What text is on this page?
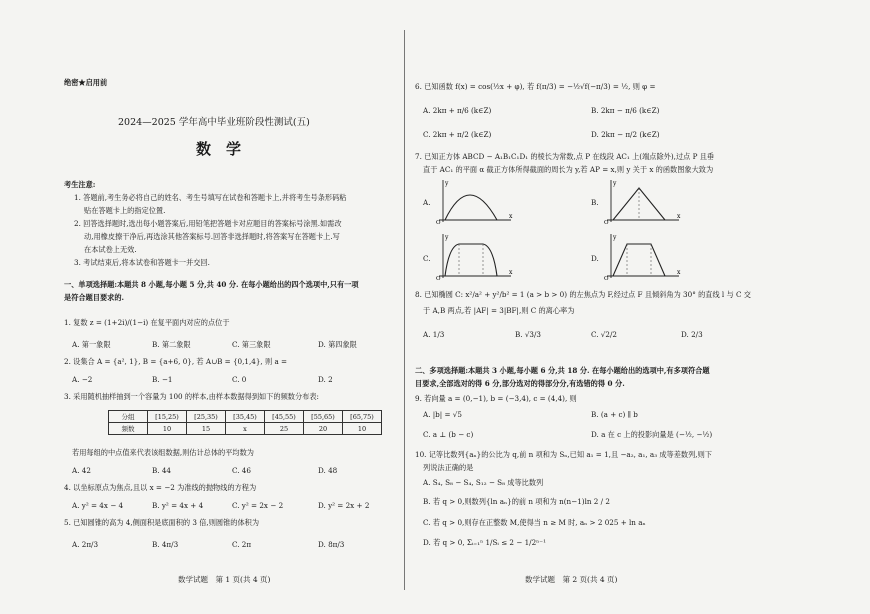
绝密★启用前
2024—2025 学年高中毕业班阶段性测试(五)
数　学
考生注意:
1. 答题前,考生务必将自己的姓名、考生号填写在试卷和答题卡上,并将考生号条形码粘
贴在答题卡上的指定位置.
2. 回答选择题时,选出每小题答案后,用铅笔把答题卡对应题目的答案标号涂黑.如需改
动,用橡皮擦干净后,再选涂其他答案标号.回答非选择题时,将答案写在答题卡上.写
在本试卷上无效.
3. 考试结束后,将本试卷和答题卡一并交回.
一、单项选择题:本题共 8 小题,每小题 5 分,共 40 分. 在每小题给出的四个选项中,只有一项
是符合题目要求的.
1. 复数 z = (1+2i)/(1−i) 在复平面内对应的点位于
A. 第一象限	B. 第二象限	C. 第三象限	D. 第四象限
2. 设集合 A = {a², 1}, B = {a+6, 0}, 若 A∪B = {0,1,4}, 则 a =
A. −2	B. −1	C. 0	D. 2
3. 采用随机抽样抽到一个容量为 100 的样本,由样本数据得到如下的频数分布表:
分组	[15,25)	[25,35)	[35,45)	[45,55)	[55,65)	[65,75)
频数	10	15	x	25	20	10
若用每组的中点值来代表该组数据,则估计总体的平均数为
A. 42	B. 44	C. 46	D. 48
4. 以坐标原点为焦点,且以 x = −2 为准线的抛物线的方程为
A. y² = 4x − 4	B. y² = 4x + 4	C. y² = 2x − 2	D. y² = 2x + 2
5. 已知圆锥的高为 4,侧面积是底面积的 3 倍,则圆锥的体积为
A. 2π/3	B. 4π/3	C. 2π	D. 8π/3
数学试题　第 1 页(共 4 页)
6. 已知函数 f(x) = cos(½x + φ), 若 f(π/3) = −½√f(−π/3) = ½, 则 φ =
A. 2kπ + π/6 (k∈Z)	B. 2kπ − π/6 (k∈Z)
C. 2kπ + π/2 (k∈Z)	D. 2kπ − π/2 (k∈Z)
7. 已知正方体 ABCD − A₁B₁C₁D₁ 的棱长为常数,点 P 在线段 AC₁ 上(端点除外),过点 P 且垂
直于 AC₁ 的平面 α 截正方体所得截面的周长为 y,若 AP = x,则 y 关于 x 的函数图象大致为
A.
x
y
O
B.
x
y
O
C.
x
y
O
D.
x
y
O
8. 已知椭圆 C: x²/a² + y²/b² = 1 (a > b > 0) 的左焦点为 F,经过点 F 且倾斜角为 30° 的直线 l 与 C 交
于 A,B 两点,若 |AF| = 3|BF|,则 C 的离心率为
A. 1/3	B. √3/3	C. √2/2	D. 2/3
二、多项选择题:本题共 3 小题,每小题 6 分,共 18 分. 在每小题给出的选项中,有多项符合题
目要求,全部选对的得 6 分,部分选对的得部分分,有选错的得 0 分.
9. 若向量 a = (0,−1), b = (−3,4), c = (4,4), 则
A. |b| = √5	B. (a + c) ∥ b
C. a ⊥ (b − c)	D. a 在 c 上的投影向量是 (−½, −½)
10. 记等比数列{aₙ}的公比为 q,前 n 项和为 Sₙ,已知 a₁ = 1,且 −a₂, a₁, a₃ 成等差数列,则下
列说法正确的是
A. S₄, S₈ − S₄, S₁₂ − S₈ 成等比数列
B. 若 q > 0,则数列{ln aₙ}的前 n 项和为 n(n−1)ln 2 / 2
C. 若 q > 0,则存在正整数 M,使得当 n ≥ M 时, aₙ > 2 025 + ln aₙ
D. 若 q > 0, Σᵢ₌₁ⁿ 1/Sᵢ ≤ 2 − 1/2ⁿ⁻¹
数学试题　第 2 页(共 4 页)
